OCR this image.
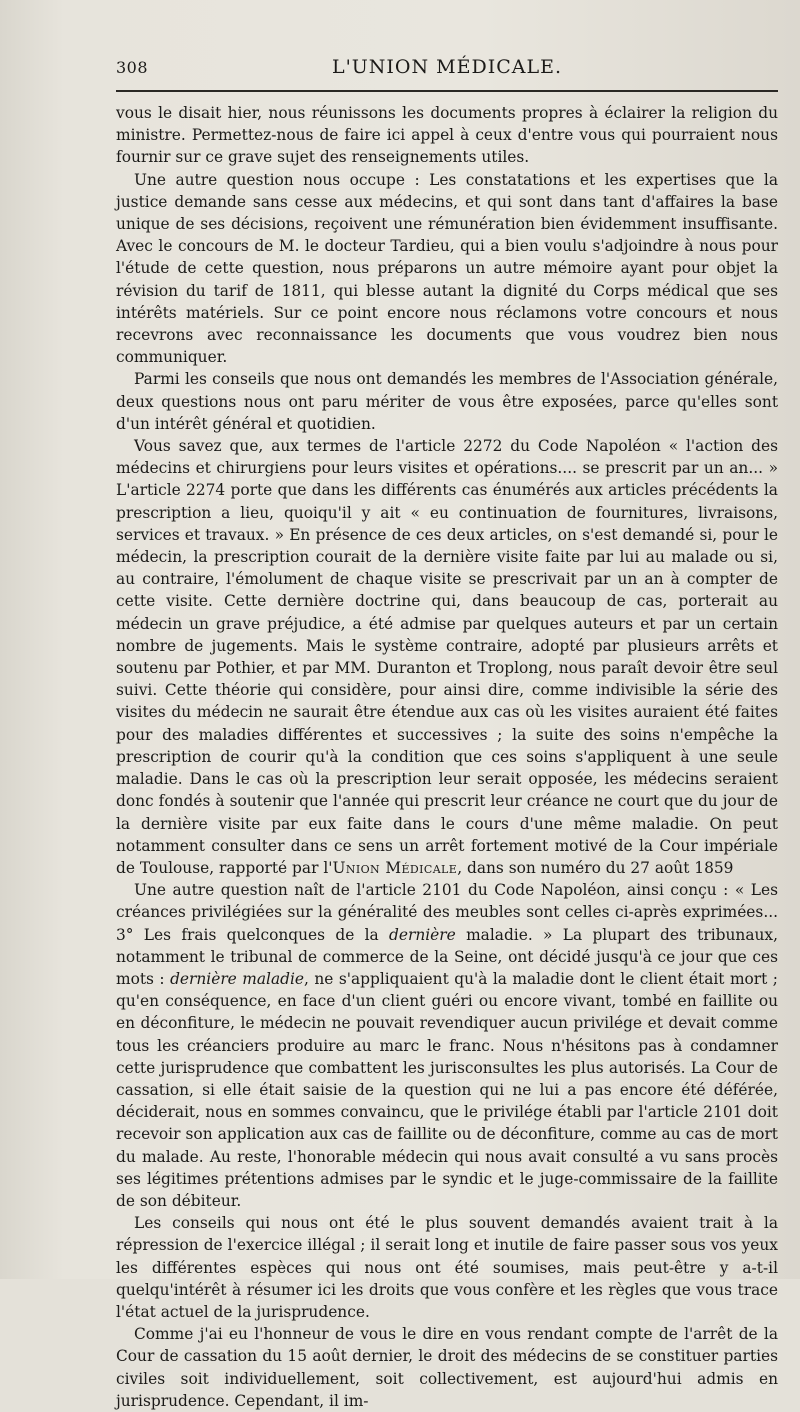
308	L'UNION MÉDICALE.

vous le disait hier, nous réunissons les documents propres à éclairer la religion du ministre. Permettez-nous de faire ici appel à ceux d'entre vous qui pourraient nous fournir sur ce grave sujet des renseignements utiles.

Une autre question nous occupe : Les constatations et les expertises que la justice demande sans cesse aux médecins, et qui sont dans tant d'affaires la base unique de ses décisions, reçoivent une rémunération bien évidemment insuffisante. Avec le concours de M. le docteur Tardieu, qui a bien voulu s'adjoindre à nous pour l'étude de cette question, nous préparons un autre mémoire ayant pour objet la révision du tarif de 1811, qui blesse autant la dignité du Corps médical que ses intérêts matériels. Sur ce point encore nous réclamons votre concours et nous recevrons avec reconnaissance les documents que vous voudrez bien nous communiquer.

Parmi les conseils que nous ont demandés les membres de l'Association générale, deux questions nous ont paru mériter de vous être exposées, parce qu'elles sont d'un intérêt général et quotidien.

Vous savez que, aux termes de l'article 2272 du Code Napoléon « l'action des médecins et chirurgiens pour leurs visites et opérations.... se prescrit par un an... » L'article 2274 porte que dans les différents cas énumérés aux articles précédents la prescription a lieu, quoiqu'il y ait « eu continuation de fournitures, livraisons, services et travaux. » En présence de ces deux articles, on s'est demandé si, pour le médecin, la prescription courait de la dernière visite faite par lui au malade ou si, au contraire, l'émolument de chaque visite se prescrivait par un an à compter de cette visite. Cette dernière doctrine qui, dans beaucoup de cas, porterait au médecin un grave préjudice, a été admise par quelques auteurs et par un certain nombre de jugements. Mais le système contraire, adopté par plusieurs arrêts et soutenu par Pothier, et par MM. Duranton et Troplong, nous paraît devoir être seul suivi. Cette théorie qui considère, pour ainsi dire, comme indivisible la série des visites du médecin ne saurait être étendue aux cas où les visites auraient été faites pour des maladies différentes et successives ; la suite des soins n'empêche la prescription de courir qu'à la condition que ces soins s'appliquent à une seule maladie. Dans le cas où la prescription leur serait opposée, les médecins seraient donc fondés à soutenir que l'année qui prescrit leur créance ne court que du jour de la dernière visite par eux faite dans le cours d'une même maladie. On peut notamment consulter dans ce sens un arrêt fortement motivé de la Cour impériale de Toulouse, rapporté par l'Union Médicale, dans son numéro du 27 août 1859

Une autre question naît de l'article 2101 du Code Napoléon, ainsi conçu : « Les créances privilégiées sur la généralité des meubles sont celles ci-après exprimées... 3° Les frais quelconques de la dernière maladie. » La plupart des tribunaux, notamment le tribunal de commerce de la Seine, ont décidé jusqu'à ce jour que ces mots : dernière maladie, ne s'appliquaient qu'à la maladie dont le client était mort ; qu'en conséquence, en face d'un client guéri ou encore vivant, tombé en faillite ou en déconfiture, le médecin ne pouvait revendiquer aucun privilége et devait comme tous les créanciers produire au marc le franc. Nous n'hésitons pas à condamner cette jurisprudence que combattent les jurisconsultes les plus autorisés. La Cour de cassation, si elle était saisie de la question qui ne lui a pas encore été déférée, déciderait, nous en sommes convaincu, que le privilége établi par l'article 2101 doit recevoir son application aux cas de faillite ou de déconfiture, comme au cas de mort du malade. Au reste, l'honorable médecin qui nous avait consulté a vu sans procès ses légitimes prétentions admises par le syndic et le juge-commissaire de la faillite de son débiteur.

Les conseils qui nous ont été le plus souvent demandés avaient trait à la répression de l'exercice illégal ; il serait long et inutile de faire passer sous vos yeux les différentes espèces qui nous ont été soumises, mais peut-être y a-t-il quelqu'intérêt à résumer ici les droits que vous confère et les règles que vous trace l'état actuel de la jurisprudence.

Comme j'ai eu l'honneur de vous le dire en vous rendant compte de l'arrêt de la Cour de cassation du 15 août dernier, le droit des médecins de se constituer parties civiles soit individuellement, soit collectivement, est aujourd'hui admis en jurisprudence. Cependant, il im-
